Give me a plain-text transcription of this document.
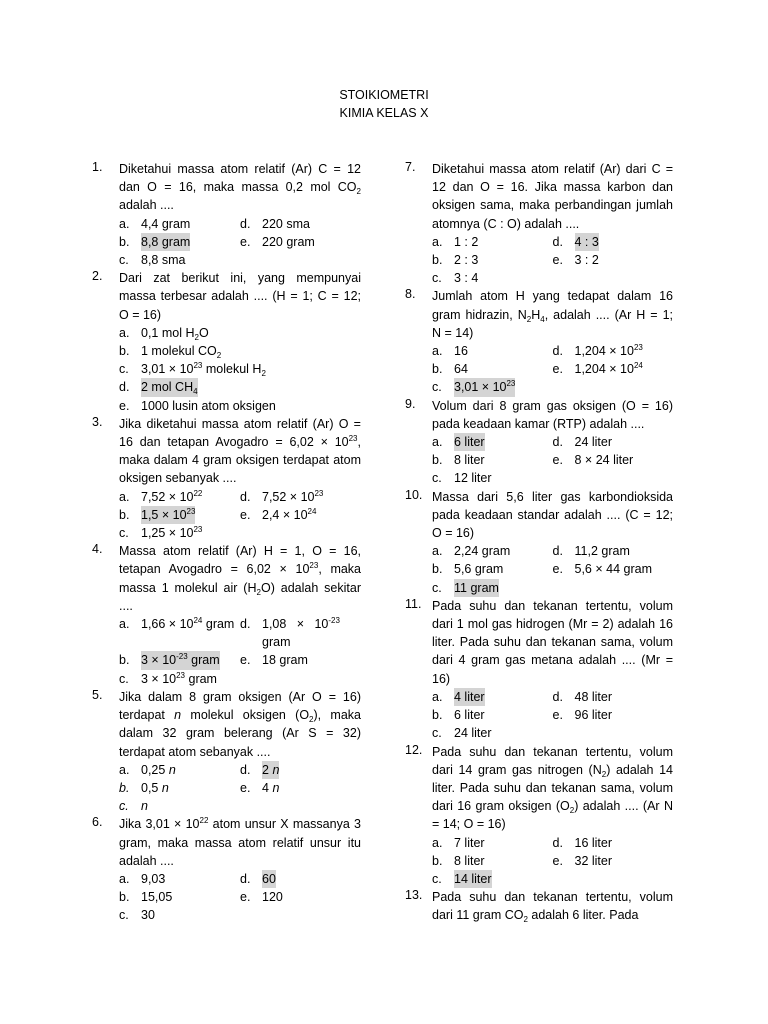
STOIKIOMETRI
KIMIA KELAS X
1. Diketahui massa atom relatif (Ar) C = 12 dan O = 16, maka massa 0,2 mol $CO_2$ adalah ....
a. 4,4 gram	d. 220 sma
b. 8,8 gram	e. 220 gram
c. 8,8 sma
2. Dari zat berikut ini, yang mempunyai massa terbesar adalah .... (H = 1; C = 12; O = 16)
a. 0,1 mol $H_2O$
b. 1 molekul $CO_2$
c. $3,01 \times 10^{23}$ molekul $H_2$
d. 2 mol $CH_4$
e. 1000 lusin atom oksigen
3. Jika diketahui massa atom relatif (Ar) O = 16 dan tetapan Avogadro = $6,02 \times 10^{23}$, maka dalam 4 gram oksigen terdapat atom oksigen sebanyak ....
a. $7,52 \times 10^{22}$	d. $7,52 \times 10^{23}$
b. $1,5 \times 10^{23}$	e. $2,4 \times 10^{24}$
c. $1,25 \times 10^{23}$
4. Massa atom relatif (Ar) H = 1, O = 16, tetapan Avogadro = $6,02 \times 10^{23}$, maka massa 1 molekul air $(H_2O)$ adalah sekitar ....
a. $1,66 \times 10^{24}$ gram d. $1,08 \times 10^{-23}$ gram
b. $3 \times 10^{-23}$ gram e. 18 gram
c. $3 \times 10^{23}$ gram
5. Jika dalam 8 gram oksigen (Ar O = 16) terdapat n molekul oksigen $(O_2)$, maka dalam 32 gram belerang (Ar S = 32) terdapat atom sebanyak ....
a. 0,25 n	d. 2 n
b. 0,5 n	e. 4 n
c. n
6. Jika $3,01 \times 10^{22}$ atom unsur X massanya 3 gram, maka massa atom relatif unsur itu adalah ....
a. 9,03	d. 60
b. 15,05	e. 120
c. 30
7. Diketahui massa atom relatif (Ar) dari C = 12 dan O = 16. Jika massa karbon dan oksigen sama, maka perbandingan jumlah atomnya (C : O) adalah ....
a. 1 : 2	d. 4 : 3
b. 2 : 3	e. 3 : 2
c. 3 : 4
8. Jumlah atom H yang tedapat dalam 16 gram hidrazin, $N_2H_4$, adalah .... (Ar H = 1; N = 14)
a. 16	d. $1,204 \times 10^{23}$
b. 64	e. $1,204 \times 10^{24}$
c. $3,01 \times 10^{23}$
9. Volum dari 8 gram gas oksigen (O = 16) pada keadaan kamar (RTP) adalah ....
a. 6 liter	d. 24 liter
b. 8 liter	e. 8 × 24 liter
c. 12 liter
10. Massa dari 5,6 liter gas karbondioksida pada keadaan standar adalah .... (C = 12; O = 16)
a. 2,24 gram	d. 11,2 gram
b. 5,6 gram	e. 5,6 × 44 gram
c. 11 gram
11. Pada suhu dan tekanan tertentu, volum dari 1 mol gas hidrogen (Mr = 2) adalah 16 liter. Pada suhu dan tekanan sama, volum dari 4 gram gas metana adalah .... (Mr = 16)
a. 4 liter	d. 48 liter
b. 6 liter	e. 96 liter
c. 24 liter
12. Pada suhu dan tekanan tertentu, volum dari 14 gram gas nitrogen $(N_2)$ adalah 14 liter. Pada suhu dan tekanan sama, volum dari 16 gram oksigen $(O_2)$ adalah .... (Ar N = 14; O = 16)
a. 7 liter	d. 16 liter
b. 8 liter	e. 32 liter
c. 14 liter
13. Pada suhu dan tekanan tertentu, volum dari 11 gram $CO_2$ adalah 6 liter. Pada
